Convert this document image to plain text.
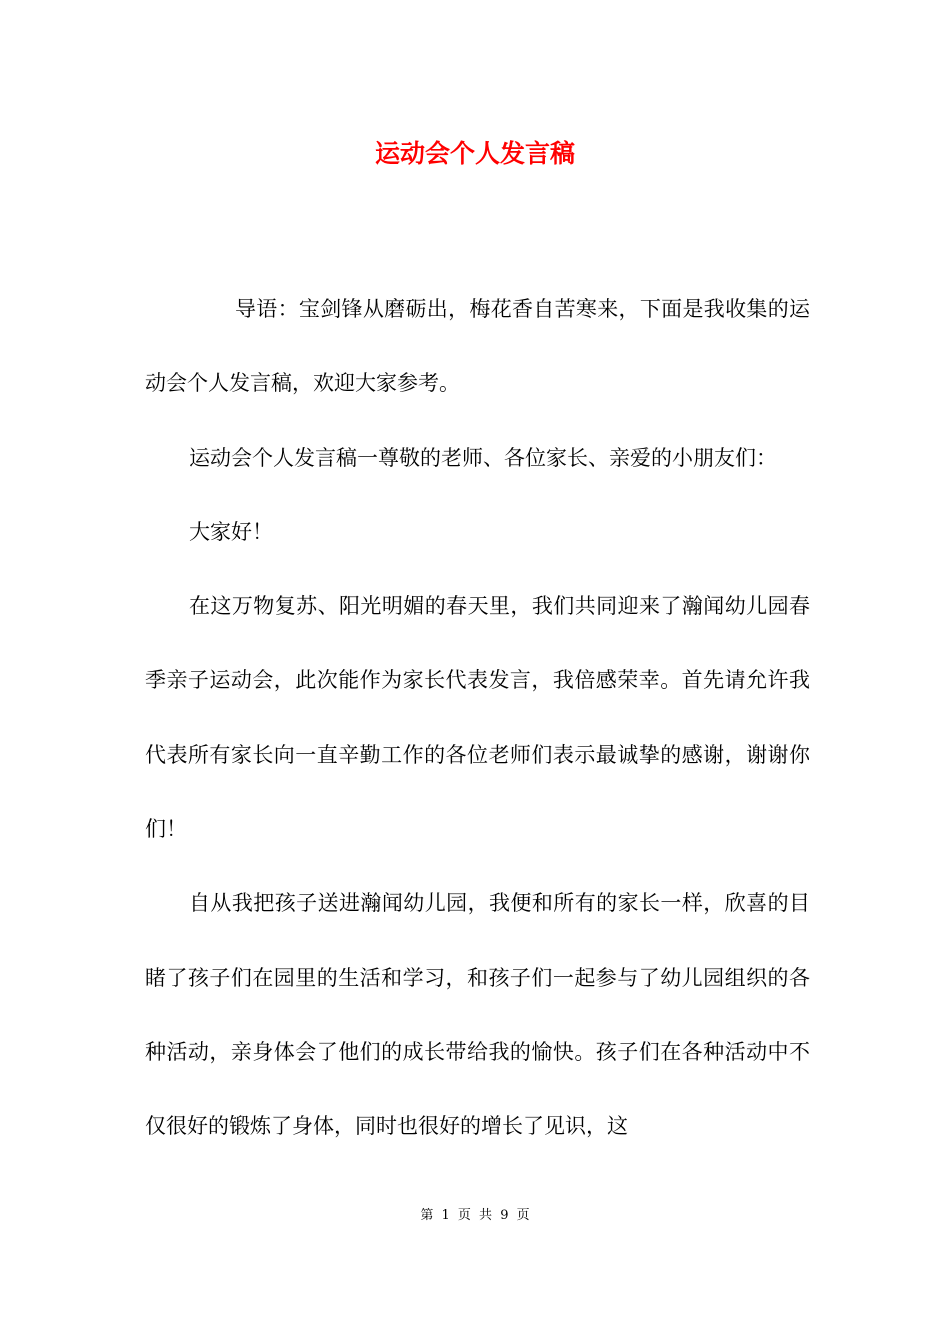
运动会个人发言稿

导语：宝剑锋从磨砺出，梅花香自苦寒来，下面是我收集的运动会个人发言稿，欢迎大家参考。

运动会个人发言稿一尊敬的老师、各位家长、亲爱的小朋友们：

大家好！

在这万物复苏、阳光明媚的春天里，我们共同迎来了瀚闻幼儿园春季亲子运动会，此次能作为家长代表发言，我倍感荣幸。首先请允许我代表所有家长向一直辛勤工作的各位老师们表示最诚挚的感谢，谢谢你们！

自从我把孩子送进瀚闻幼儿园，我便和所有的家长一样，欣喜的目睹了孩子们在园里的生活和学习，和孩子们一起参与了幼儿园组织的各种活动，亲身体会了他们的成长带给我的愉快。孩子们在各种活动中不仅很好的锻炼了身体，同时也很好的增长了见识，这

第 1 页 共 9 页
